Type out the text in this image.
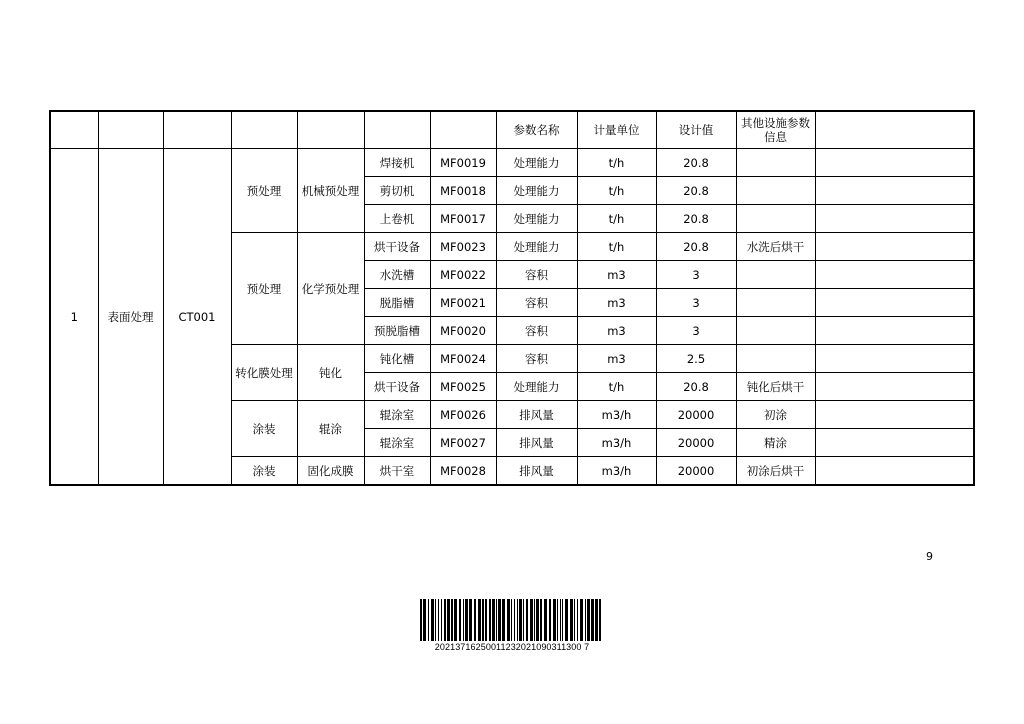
							参数名称	计量单位	设计值	其他设施参数信息	
1	表面处理	CT001	预处理	机械预处理	焊接机	MF0019	处理能力	t/h	20.8		
					剪切机	MF0018	处理能力	t/h	20.8		
					上卷机	MF0017	处理能力	t/h	20.8		
			预处理	化学预处理	烘干设备	MF0023	处理能力	t/h	20.8	水洗后烘干	
					水洗槽	MF0022	容积	m3	3		
					脱脂槽	MF0021	容积	m3	3		
					预脱脂槽	MF0020	容积	m3	3		
			转化膜处理	钝化	钝化槽	MF0024	容积	m3	2.5		
					烘干设备	MF0025	处理能力	t/h	20.8	钝化后烘干	
			涂装	辊涂	辊涂室	MF0026	排风量	m3/h	20000	初涂	
					辊涂室	MF0027	排风量	m3/h	20000	精涂	
			涂装	固化成膜	烘干室	MF0028	排风量	m3/h	20000	初涂后烘干	
9
20213716250011232021090311300 7
